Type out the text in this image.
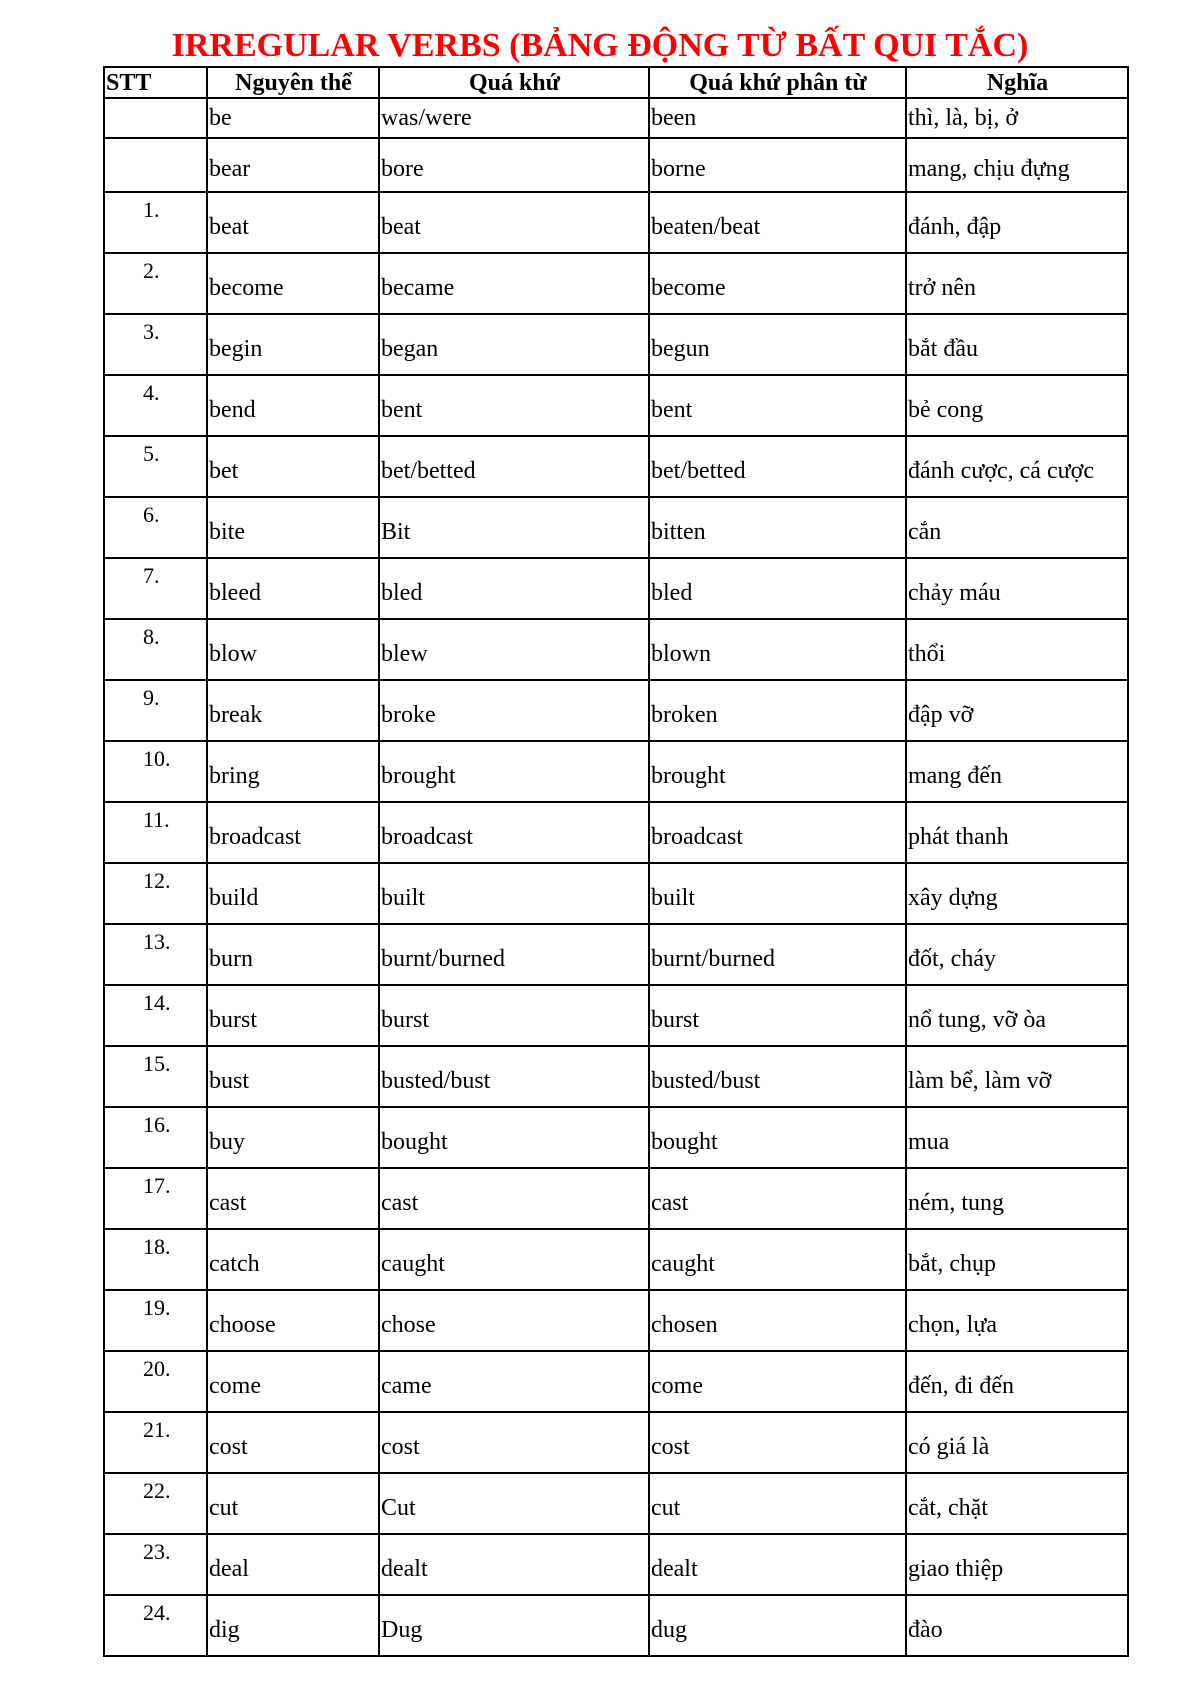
IRREGULAR VERBS (BẢNG ĐỘNG TỪ BẤT QUI TẮC)
STT	Nguyên thể	Quá khứ	Quá khứ phân từ	Nghĩa
	be	was/were	been	thì, là, bị, ở
	bear	bore	borne	mang, chịu đựng
1.	beat	beat	beaten/beat	đánh, đập
2.	become	became	become	trở nên
3.	begin	began	begun	bắt đầu
4.	bend	bent	bent	bẻ cong
5.	bet	bet/betted	bet/betted	đánh cược, cá cược
6.	bite	Bit	bitten	cắn
7.	bleed	bled	bled	chảy máu
8.	blow	blew	blown	thổi
9.	break	broke	broken	đập vỡ
10.	bring	brought	brought	mang đến
11.	broadcast	broadcast	broadcast	phát thanh
12.	build	built	built	xây dựng
13.	burn	burnt/burned	burnt/burned	đốt, cháy
14.	burst	burst	burst	nổ tung, vỡ òa
15.	bust	busted/bust	busted/bust	làm bể, làm vỡ
16.	buy	bought	bought	mua
17.	cast	cast	cast	ném, tung
18.	catch	caught	caught	bắt, chụp
19.	choose	chose	chosen	chọn, lựa
20.	come	came	come	đến, đi đến
21.	cost	cost	cost	có giá là
22.	cut	Cut	cut	cắt, chặt
23.	deal	dealt	dealt	giao thiệp
24.	dig	Dug	dug	đào
